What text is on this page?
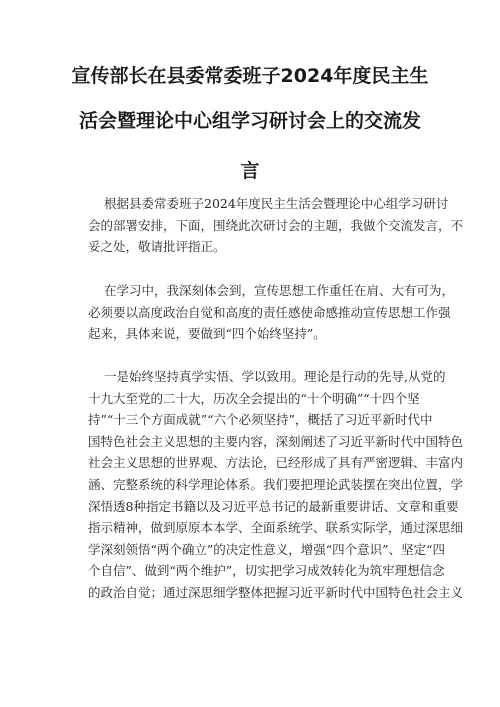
宣传部长在县委常委班子2024年度民主生
活会暨理论中心组学习研讨会上的交流发
言
根据县委常委班子2024年度民主生活会暨理论中心组学习研讨
会的部署安排，下面，围绕此次研讨会的主题，我做个交流发言，不
妥之处，敬请批评指正。
在学习中，我深刻体会到，宣传思想工作重任在肩、大有可为，
必须要以高度政治自觉和高度的责任感使命感推动宣传思想工作强
起来，具体来说，要做到“四个始终坚持”。
一是始终坚持真学实悟、学以致用。理论是行动的先导,从党的
十九大至党的二十大，历次全会提出的“十个明确”“十四个坚
持”“十三个方面成就”“六个必须坚持”，概括了习近平新时代中
国特色社会主义思想的主要内容，深刻阐述了习近平新时代中国特色
社会主义思想的世界观、方法论，已经形成了具有严密逻辑、丰富内
涵、完整系统的科学理论体系。我们要把理论武装摆在突出位置，学
深悟透8种指定书籍以及习近平总书记的最新重要讲话、文章和重要
指示精神，做到原原本本学、全面系统学、联系实际学，通过深思细
学深刻领悟“两个确立”的决定性意义，增强“四个意识”、坚定“四
个自信”、做到“两个维护”，切实把学习成效转化为筑牢理想信念
的政治自觉；通过深思细学整体把握习近平新时代中国特色社会主义
